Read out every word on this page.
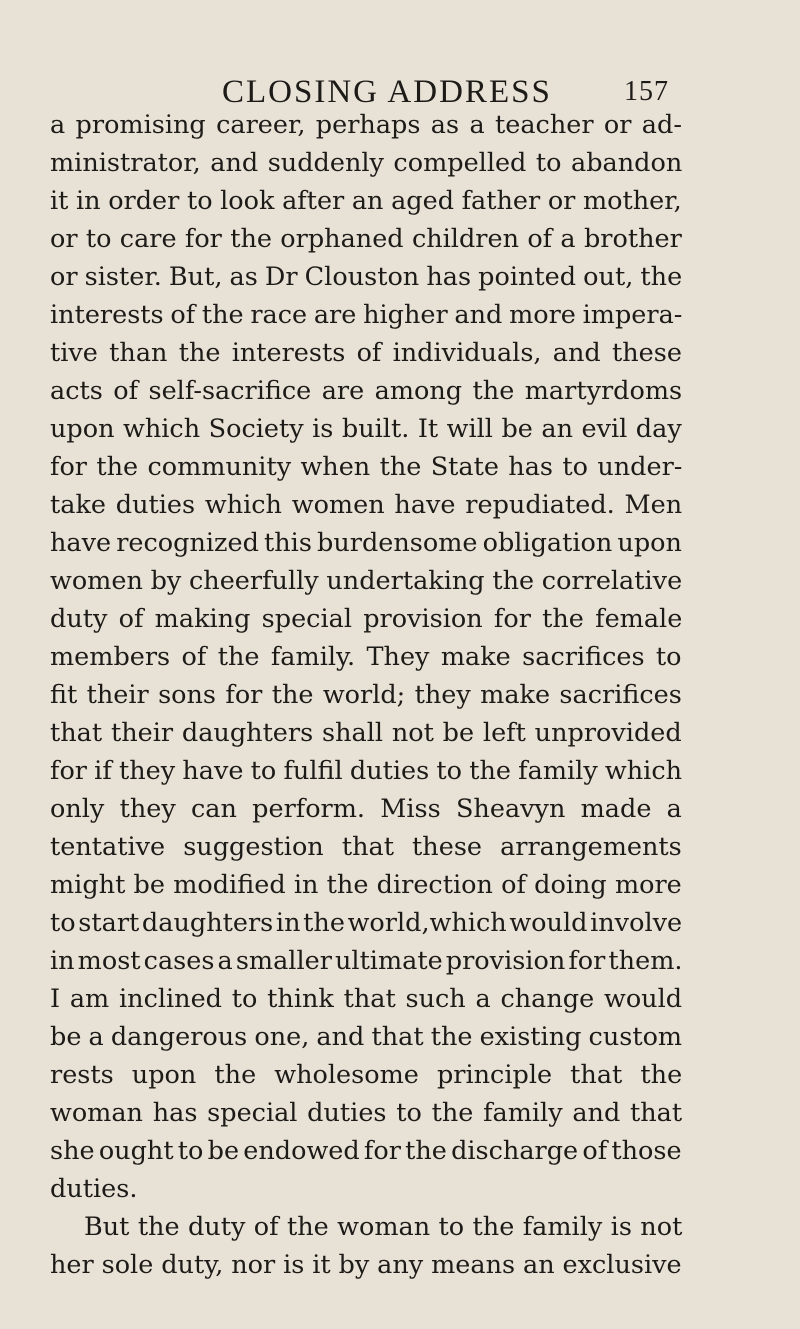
CLOSING ADDRESS	157
a promising career, perhaps as a teacher or ad-
ministrator, and suddenly compelled to abandon
it in order to look after an aged father or mother,
or to care for the orphaned children of a brother
or sister. But, as Dr Clouston has pointed out, the
interests of the race are higher and more impera-
tive than the interests of individuals, and these
acts of self-sacrifice are among the martyrdoms
upon which Society is built. It will be an evil day
for the community when the State has to under-
take duties which women have repudiated. Men
have recognized this burdensome obligation upon
women by cheerfully undertaking the correlative
duty of making special provision for the female
members of the family. They make sacrifices to
fit their sons for the world; they make sacrifices
that their daughters shall not be left unprovided
for if they have to fulfil duties to the family which
only they can perform. Miss Sheavyn made a
tentative suggestion that these arrangements
might be modified in the direction of doing more
to start daughters in the world,which would involve
in most cases a smaller ultimate provision for them.
I am inclined to think that such a change would
be a dangerous one, and that the existing custom
rests upon the wholesome principle that the
woman has special duties to the family and that
she ought to be endowed for the discharge of those
duties.
But the duty of the woman to the family is not
her sole duty, nor is it by any means an exclusive
